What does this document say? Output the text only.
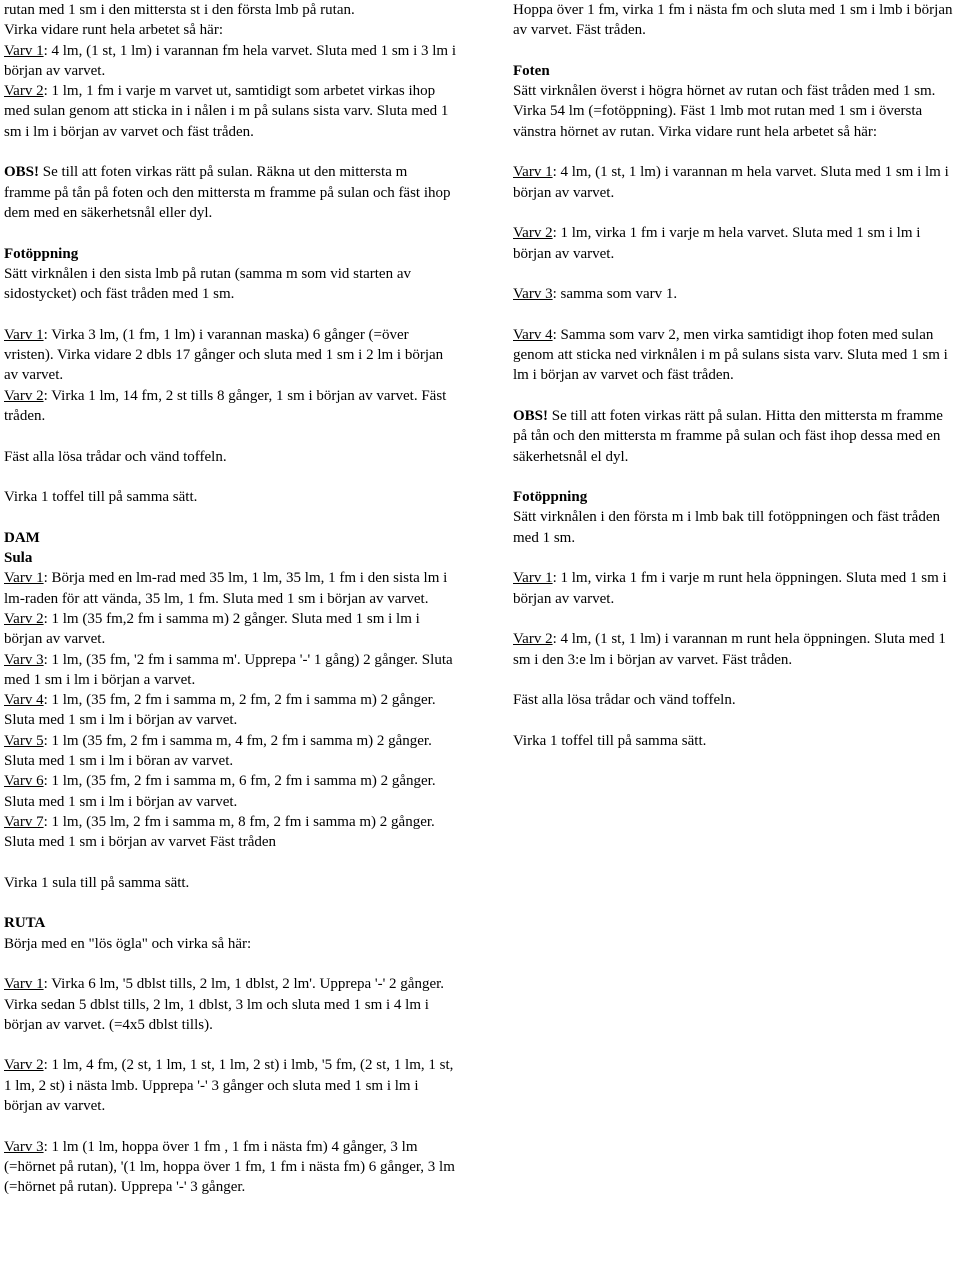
rutan med 1 sm i den mittersta st i den första lmb på rutan.
Virka vidare runt hela arbetet så här:
Varv 1: 4 lm, (1 st, 1 lm) i varannan fm hela varvet. Sluta med 1 sm i 3 lm i början av varvet.
Varv 2: 1 lm, 1 fm i varje m varvet ut, samtidigt som arbetet virkas ihop med sulan genom att sticka in i nålen i m på sulans sista varv. Sluta med 1 sm i lm i början av varvet och fäst tråden.

OBS! Se till att foten virkas rätt på sulan. Räkna ut den mittersta m framme på tån på foten och den mittersta m framme på sulan och fäst ihop dem med en säkerhetsnål eller dyl.

Fotöppning
Sätt virknålen i den sista lmb på rutan (samma m som vid starten av sidostycket) och fäst tråden med 1 sm.

Varv 1: Virka 3 lm, (1 fm, 1 lm) i varannan maska) 6 gånger (=över vristen). Virka vidare 2 dbls 17 gånger och sluta med 1 sm i 2 lm i början av varvet.
Varv 2: Virka 1 lm, 14 fm, 2 st tills 8 gånger, 1 sm i början av varvet. Fäst tråden.

Fäst alla lösa trådar och vänd toffeln.

Virka 1 toffel till på samma sätt.

DAM
Sula
Varv 1: Börja med en lm-rad med 35 lm, 1 lm, 35 lm, 1 fm i den sista lm i lm-raden för att vända, 35 lm, 1 fm. Sluta med 1 sm i början av varvet.
Varv 2: 1 lm (35 fm,2 fm i samma m) 2 gånger. Sluta med 1 sm i lm i början av varvet.
Varv 3: 1 lm, (35 fm, '2 fm i samma m'. Upprepa '-' 1 gång) 2 gånger. Sluta med 1 sm i lm i början a varvet.
Varv 4: 1 lm, (35 fm, 2 fm i samma m, 2 fm, 2 fm i samma m) 2 gånger. Sluta med 1 sm i lm i början av varvet.
Varv 5: 1 lm (35 fm, 2 fm i samma m, 4 fm, 2 fm i samma m) 2 gånger. Sluta med 1 sm i lm i böran av varvet.
Varv 6: 1 lm, (35 fm, 2 fm i samma m, 6 fm, 2 fm i samma m) 2 gånger. Sluta med 1 sm i lm i början av varvet.
Varv 7: 1 lm, (35 lm, 2 fm i samma m, 8 fm, 2 fm i samma m) 2 gånger. Sluta med 1 sm i början av varvet Fäst tråden

Virka 1 sula till på samma sätt.

RUTA
Börja med en "lös ögla" och virka så här:

Varv 1: Virka 6 lm, '5 dblst tills, 2 lm, 1 dblst, 2 lm'. Upprepa '-' 2 gånger. Virka sedan 5 dblst tills, 2 lm, 1 dblst, 3 lm och sluta med 1 sm i 4 lm i början av varvet. (=4x5 dblst tills).

Varv 2: 1 lm, 4 fm, (2 st, 1 lm, 1 st, 1 lm, 2 st) i lmb, '5 fm, (2 st, 1 lm, 1 st, 1 lm, 2 st) i nästa lmb. Upprepa '-' 3 gånger och sluta med 1 sm i lm i början av varvet.

Varv 3: 1 lm (1 lm, hoppa över 1 fm , 1 fm i nästa fm) 4 gånger, 3 lm (=hörnet på rutan), '(1 lm, hoppa över 1 fm, 1 fm i nästa fm) 6 gånger, 3 lm (=hörnet på rutan). Upprepa '-' 3 gånger.

Hoppa över 1 fm, virka 1 fm i nästa fm och sluta med 1 sm i lmb i början av varvet. Fäst tråden.

Foten
Sätt virknålen överst i högra hörnet av rutan och fäst tråden med 1 sm. Virka 54 lm (=fotöppning). Fäst 1 lmb mot rutan med 1 sm i översta vänstra hörnet av rutan. Virka vidare runt hela arbetet så här:

Varv 1: 4 lm, (1 st, 1 lm) i varannan m hela varvet. Sluta med 1 sm i lm i början av varvet.

Varv 2: 1 lm, virka 1 fm i varje m hela varvet. Sluta med 1 sm i lm i början av varvet.

Varv 3: samma som varv 1.

Varv 4: Samma som varv 2, men virka samtidigt ihop foten med sulan genom att sticka ned virknålen i m på sulans sista varv. Sluta med 1 sm i lm i början av varvet och fäst tråden.

OBS! Se till att foten virkas rätt på sulan. Hitta den mittersta m framme på tån och den mittersta m framme på sulan och fäst ihop dessa med en säkerhetsnål el dyl.

Fotöppning
Sätt virknålen i den första m i lmb bak till fotöppningen och fäst tråden med 1 sm.

Varv 1: 1 lm, virka 1 fm i varje m runt hela öppningen. Sluta med 1 sm i början av varvet.

Varv 2: 4 lm, (1 st, 1 lm) i varannan m runt hela öppningen. Sluta med 1 sm i den 3:e lm i början av varvet. Fäst tråden.

Fäst alla lösa trådar och vänd toffeln.

Virka 1 toffel till på samma sätt.
